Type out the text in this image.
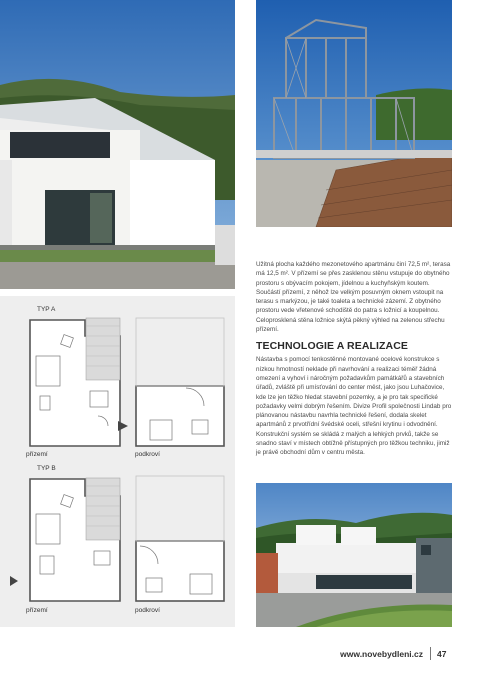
Užitná plocha každého mezonetového apartmánu činí 72,5 m², terasa má 12,5 m². V přízemí se přes zasklenou stěnu vstupuje do obytného prostoru s obývacím pokojem, jídelnou a kuchyňským koutem. Součástí přízemí, z něhož lze velkým posuvným oknem vstoupit na terasu s markýzou, je také toaleta a technické zázemí. Z obytného prostoru vede vřetenové schodiště do patra s ložnicí a koupelnou. Celoprosklená stěna ložnice skýtá pěkný výhled na zelenou střechu přízemí.

TECHNOLOGIE A REALIZACE

Nástavba s pomocí tenkostěnné montované ocelové konstrukce s nízkou hmotností neklade při navrhování a realizaci téměř žádná omezení a vyhoví i náročným požadavkům památkářů a stavebních úřadů, zvláště při umísťování do center měst, jako jsou Luhačovice, kde lze jen těžko hledat stavební pozemky, a je pro tak specifické požadavky velmi dobrým řešením. Divize Profil společnosti Lindab pro plánovanou nástavbu navrhla technické řešení, dodala skelet apartmánů z prvotřídní švédské oceli, střešní krytinu i odvodnění. Konstrukční systém se skládá z malých a lehkých prvků, takže se snadno staví v místech obtížně přístupných pro těžkou techniku, jimiž je právě obchodní dům v centru města.

TYP A
přízemí	podkroví
TYP B
přízemí	podkroví
www.novebydleni.cz 47
